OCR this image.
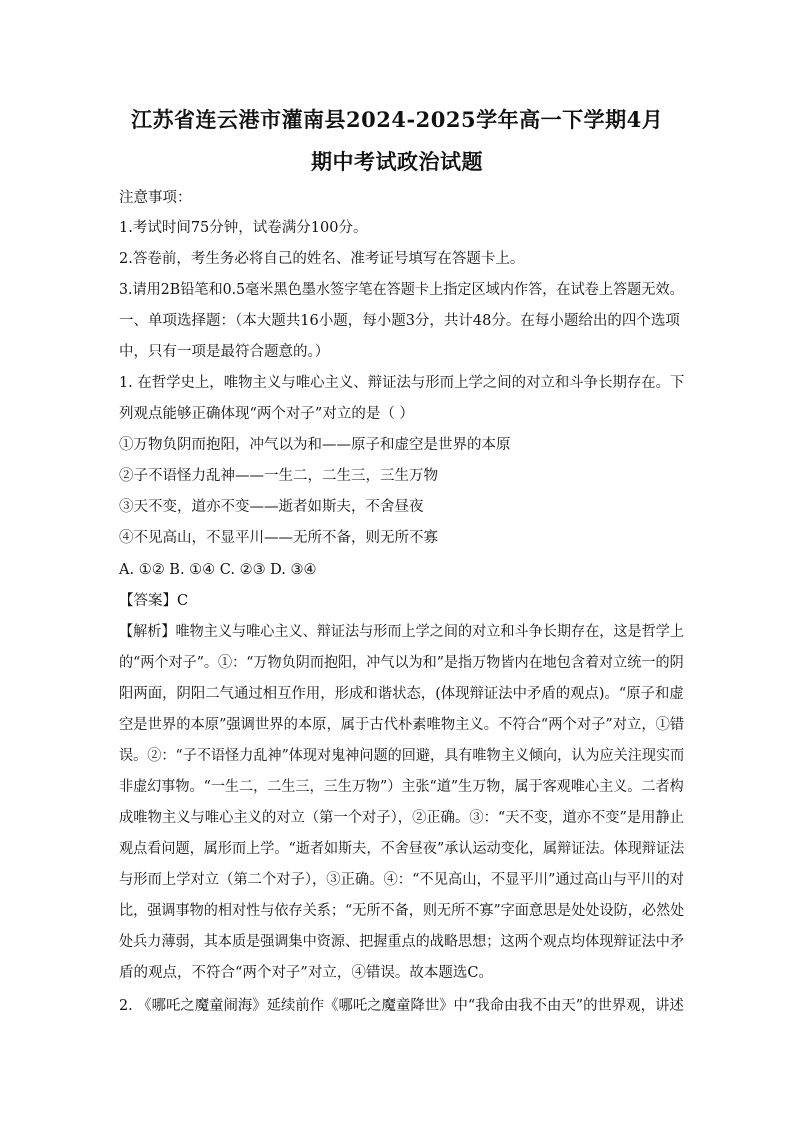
江苏省连云港市灌南县2024-2025学年高一下学期4月
期中考试政治试题
注意事项：
1.考试时间75分钟，试卷满分100分。
2.答卷前，考生务必将自己的姓名、准考证号填写在答题卡上。
3.请用2B铅笔和0.5毫米黑色墨水签字笔在答题卡上指定区域内作答，在试卷上答题无效。
一、单项选择题：（本大题共16小题，每小题3分，共计48分。在每小题给出的四个选项
中，只有一项是最符合题意的。）
1. 在哲学史上，唯物主义与唯心主义、辩证法与形而上学之间的对立和斗争长期存在。下
列观点能够正确体现“两个对子”对立的是（ ）
①万物负阴而抱阳，冲气以为和——原子和虚空是世界的本原
②子不语怪力乱神——一生二，二生三，三生万物
③天不变，道亦不变——逝者如斯夫，不舍昼夜
④不见高山，不显平川——无所不备，则无所不寡
A. ①② B. ①④ C. ②③ D. ③④
【答案】C
【解析】唯物主义与唯心主义、辩证法与形而上学之间的对立和斗争长期存在，这是哲学上
的“两个对子”。①：“万物负阴而抱阳，冲气以为和”是指万物皆内在地包含着对立统一的阴
阳两面，阴阳二气通过相互作用，形成和谐状态，(体现辩证法中矛盾的观点)。“原子和虚
空是世界的本原”强调世界的本原，属于古代朴素唯物主义。不符合“两个对子”对立，①错
误。②：“子不语怪力乱神”体现对鬼神问题的回避，具有唯物主义倾向，认为应关注现实而
非虚幻事物。“一生二，二生三，三生万物”）主张“道”生万物，属于客观唯心主义。二者构
成唯物主义与唯心主义的对立（第一个对子），②正确。③：“天不变，道亦不变”是用静止
观点看问题，属形而上学。“逝者如斯夫，不舍昼夜”承认运动变化，属辩证法。体现辩证法
与形而上学对立（第二个对子），③正确。④：“不见高山，不显平川”通过高山与平川的对
比，强调事物的相对性与依存关系；“无所不备，则无所不寡”字面意思是处处设防，必然处
处兵力薄弱，其本质是强调集中资源、把握重点的战略思想；这两个观点均体现辩证法中矛
盾的观点，不符合“两个对子”对立，④错误。故本题选C。
2. 《哪吒之魔童闹海》延续前作《哪吒之魔童降世》中“我命由我不由天”的世界观，讲述
